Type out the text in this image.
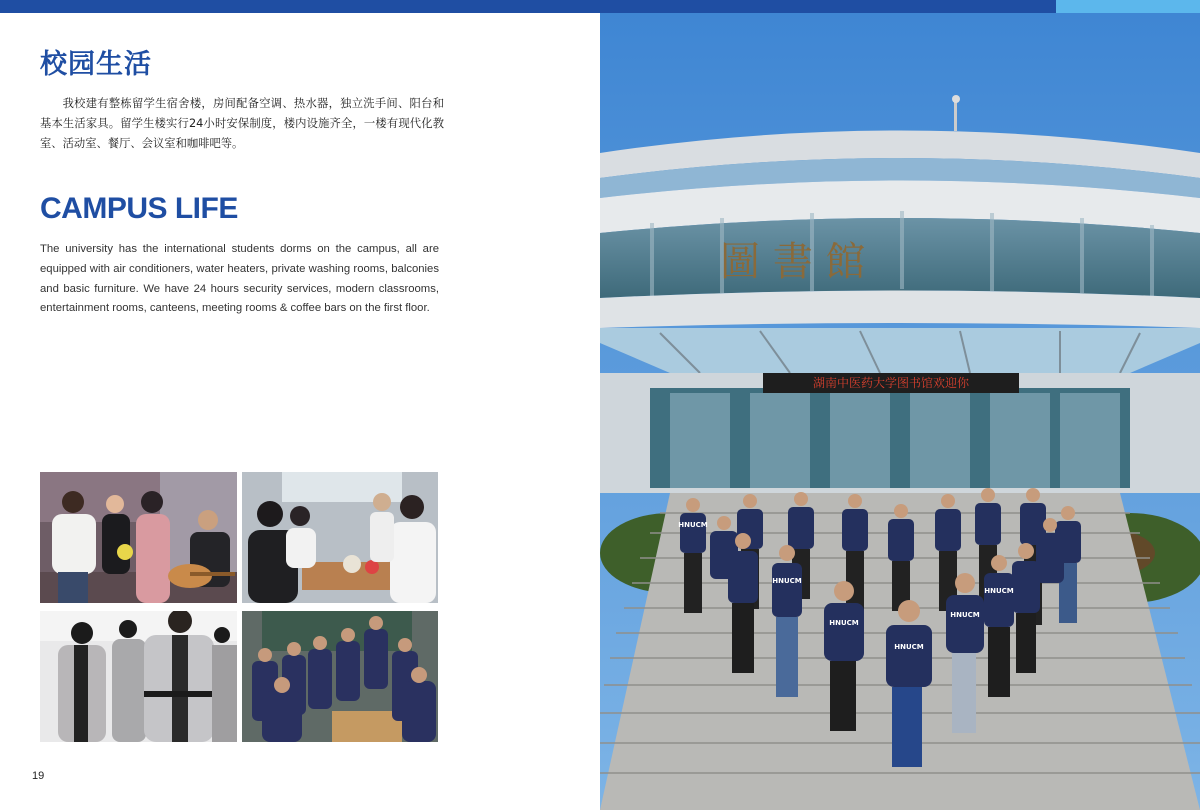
校园生活
我校建有整栋留学生宿舍楼，房间配备空调、热水器，独立洗手间、阳台和基本生活家具。留学生楼实行24小时安保制度，楼内设施齐全，一楼有现代化教室、活动室、餐厅、会议室和咖啡吧等。
CAMPUS LIFE
The university has the international students dorms on the campus, all are equipped with air conditioners, water heaters, private washing rooms, balconies and basic furniture. We have 24 hours security services, modern classrooms, entertainment rooms, canteens, meeting rooms & coffee bars on the first floor.
圖 書 館
湖南中医药大学图书馆欢迎你
HNUCM
HNUCM
HNUCM
HNUCM
HNUCM
HNUCM
19
